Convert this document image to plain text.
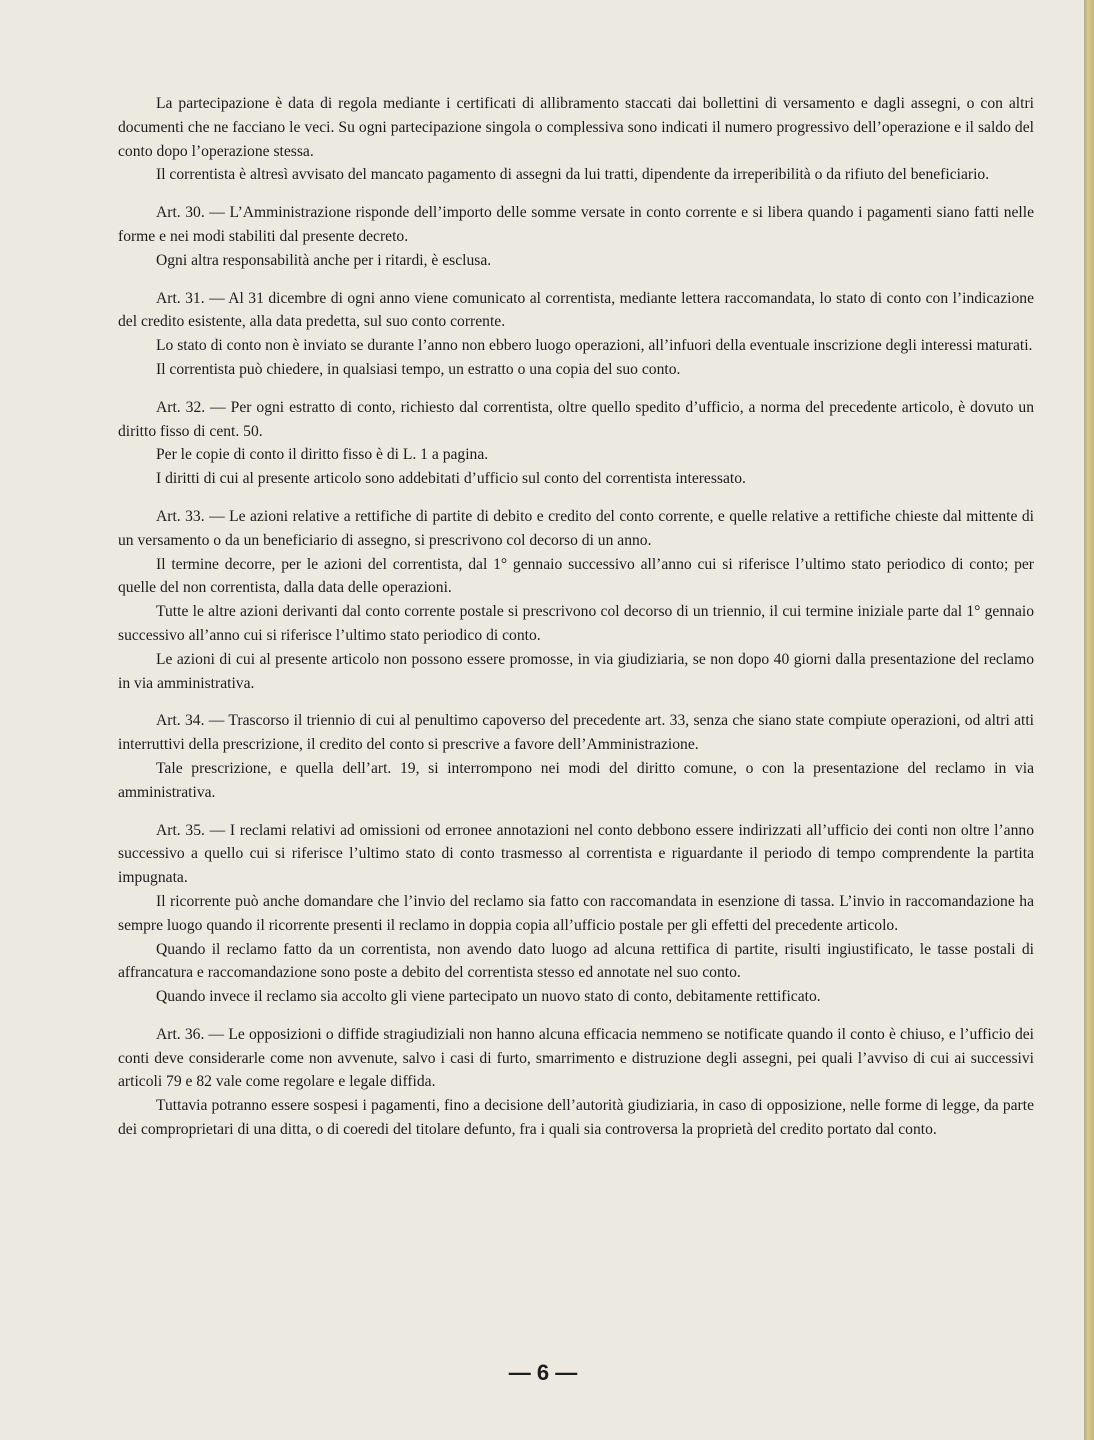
La partecipazione è data di regola mediante i certificati di allibramento staccati dai bollettini di versamento e dagli assegni, o con altri documenti che ne facciano le veci. Su ogni partecipazione singola o complessiva sono indicati il numero progressivo dell’operazione e il saldo del conto dopo l’operazione stessa.

Il correntista è altresì avvisato del mancato pagamento di assegni da lui tratti, dipendente da irreperibilità o da rifiuto del beneficiario.

Art. 30. — L’Amministrazione risponde dell’importo delle somme versate in conto corrente e si libera quando i pagamenti siano fatti nelle forme e nei modi stabiliti dal presente decreto.

Ogni altra responsabilità anche per i ritardi, è esclusa.

Art. 31. — Al 31 dicembre di ogni anno viene comunicato al correntista, mediante lettera raccomandata, lo stato di conto con l’indicazione del credito esistente, alla data predetta, sul suo conto corrente.

Lo stato di conto non è inviato se durante l’anno non ebbero luogo operazioni, all’infuori della eventuale inscrizione degli interessi maturati.

Il correntista può chiedere, in qualsiasi tempo, un estratto o una copia del suo conto.

Art. 32. — Per ogni estratto di conto, richiesto dal correntista, oltre quello spedito d’ufficio, a norma del precedente articolo, è dovuto un diritto fisso di cent. 50.

Per le copie di conto il diritto fisso è di L. 1 a pagina.

I diritti di cui al presente articolo sono addebitati d’ufficio sul conto del correntista interessato.

Art. 33. — Le azioni relative a rettifiche di partite di debito e credito del conto corrente, e quelle relative a rettifiche chieste dal mittente di un versamento o da un beneficiario di assegno, si prescrivono col decorso di un anno.

Il termine decorre, per le azioni del correntista, dal 1° gennaio successivo all’anno cui si riferisce l’ultimo stato periodico di conto; per quelle del non correntista, dalla data delle operazioni.

Tutte le altre azioni derivanti dal conto corrente postale si prescrivono col decorso di un triennio, il cui termine iniziale parte dal 1° gennaio successivo all’anno cui si riferisce l’ultimo stato periodico di conto.

Le azioni di cui al presente articolo non possono essere promosse, in via giudiziaria, se non dopo 40 giorni dalla presentazione del reclamo in via amministrativa.

Art. 34. — Trascorso il triennio di cui al penultimo capoverso del precedente art. 33, senza che siano state compiute operazioni, od altri atti interruttivi della prescrizione, il credito del conto si prescrive a favore dell’Amministrazione.

Tale prescrizione, e quella dell’art. 19, si interrompono nei modi del diritto comune, o con la presentazione del reclamo in via amministrativa.

Art. 35. — I reclami relativi ad omissioni od erronee annotazioni nel conto debbono essere indirizzati all’ufficio dei conti non oltre l’anno successivo a quello cui si riferisce l’ultimo stato di conto trasmesso al correntista e riguardante il periodo di tempo comprendente la partita impugnata.

Il ricorrente può anche domandare che l’invio del reclamo sia fatto con raccomandata in esenzione di tassa. L’invio in raccomandazione ha sempre luogo quando il ricorrente presenti il reclamo in doppia copia all’ufficio postale per gli effetti del precedente articolo.

Quando il reclamo fatto da un correntista, non avendo dato luogo ad alcuna rettifica di partite, risulti ingiustificato, le tasse postali di affrancatura e raccomandazione sono poste a debito del correntista stesso ed annotate nel suo conto.

Quando invece il reclamo sia accolto gli viene partecipato un nuovo stato di conto, debitamente rettificato.

Art. 36. — Le opposizioni o diffide stragiudiziali non hanno alcuna efficacia nemmeno se notificate quando il conto è chiuso, e l’ufficio dei conti deve considerarle come non avvenute, salvo i casi di furto, smarrimento e distruzione degli assegni, pei quali l’avviso di cui ai successivi articoli 79 e 82 vale come regolare e legale diffida.

Tuttavia potranno essere sospesi i pagamenti, fino a decisione dell’autorità giudiziaria, in caso di opposizione, nelle forme di legge, da parte dei comproprietari di una ditta, o di coeredi del titolare defunto, fra i quali sia controversa la proprietà del credito portato dal conto.

— 6 —
